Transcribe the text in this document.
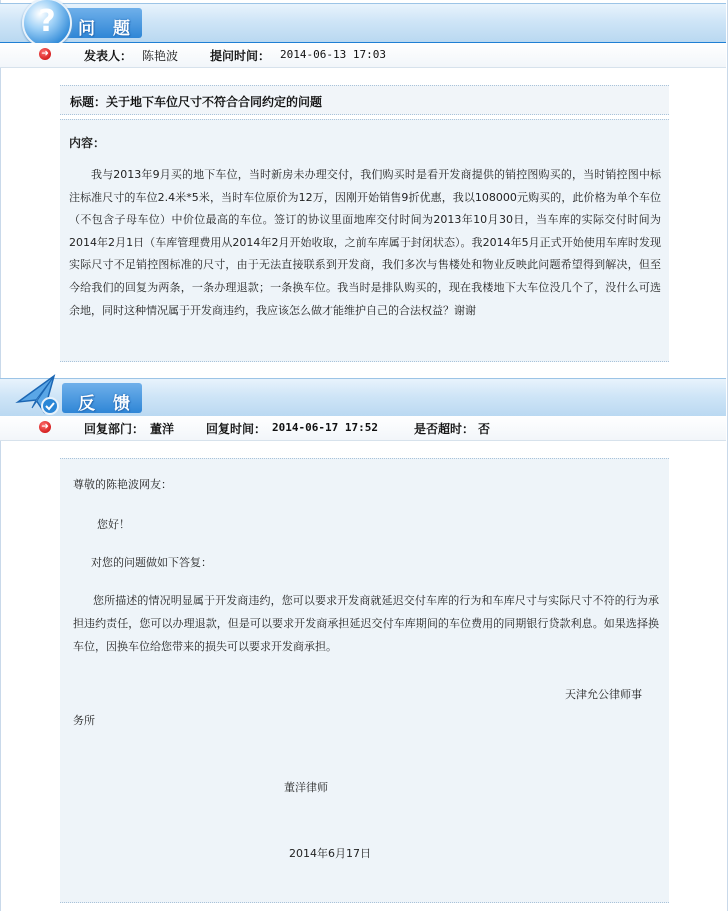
问题
?
➜	发表人： 陈艳波	提问时间： 2014-06-13 17:03
标题：关于地下车位尺寸不符合合同约定的问题
内容：

我与2013年9月买的地下车位，当时新房未办理交付，我们购买时是看开发商提供的销控图购买的，当时销控图中标注标准尺寸的车位2.4米*5米，当时车位原价为12万，因刚开始销售9折优惠，我以108000元购买的，此价格为单个车位（不包含子母车位）中价位最高的车位。签订的协议里面地库交付时间为2013年10月30日，当车库的实际交付时间为2014年2月1日（车库管理费用从2014年2月开始收取，之前车库属于封闭状态）。我2014年5月正式开始使用车库时发现实际尺寸不足销控图标准的尺寸，由于无法直接联系到开发商，我们多次与售楼处和物业反映此问题希望得到解决，但至今给我们的回复为两条，一条办理退款；一条换车位。我当时是排队购买的，现在我楼地下大车位没几个了，没什么可选余地，同时这种情况属于开发商违约，我应该怎么做才能维护自己的合法权益？谢谢

反馈
➜	回复部门： 董洋	回复时间： 2014-06-17 17:52	是否超时： 否

尊敬的陈艳波网友：

您好！

对您的问题做如下答复：

您所描述的情况明显属于开发商违约，您可以要求开发商就延迟交付车库的行为和车库尺寸与实际尺寸不符的行为承担违约责任，您可以办理退款，但是可以要求开发商承担延迟交付车库期间的车位费用的同期银行贷款利息。如果选择换车位，因换车位给您带来的损失可以要求开发商承担。

天津允公律师事

务所

董洋律师

2014年6月17日
